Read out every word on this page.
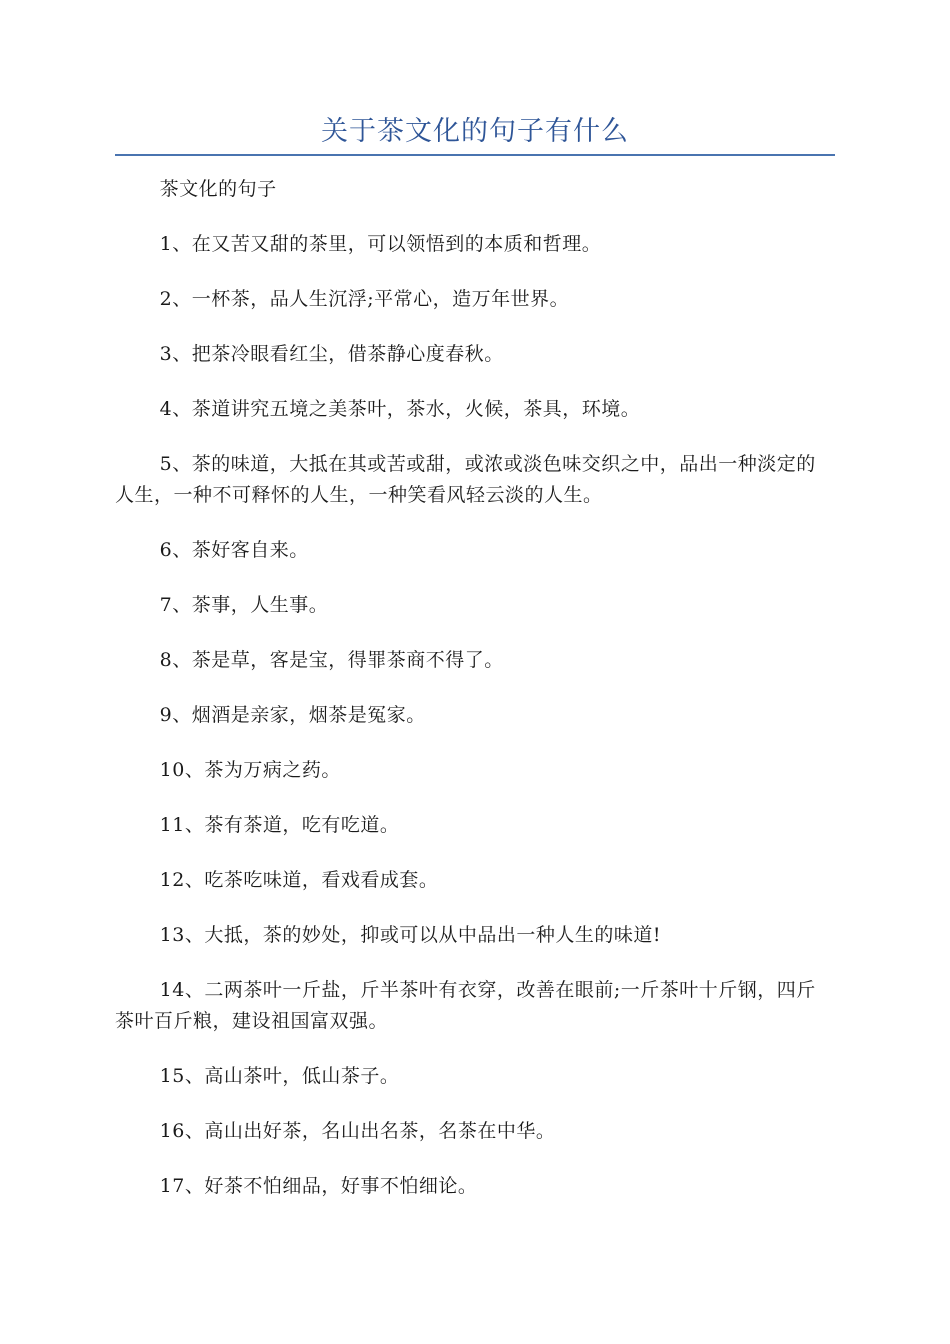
关于茶文化的句子有什么

茶文化的句子

1、在又苦又甜的茶里，可以领悟到的本质和哲理。

2、一杯茶，品人生沉浮;平常心，造万年世界。

3、把茶冷眼看红尘，借茶静心度春秋。

4、茶道讲究五境之美茶叶，茶水，火候，茶具，环境。

5、茶的味道，大抵在其或苦或甜，或浓或淡色味交织之中，品出一种淡定的人生，一种不可释怀的人生，一种笑看风轻云淡的人生。

6、茶好客自来。

7、茶事，人生事。

8、茶是草，客是宝，得罪茶商不得了。

9、烟酒是亲家，烟茶是冤家。

10、茶为万病之药。

11、茶有茶道，吃有吃道。

12、吃茶吃味道，看戏看成套。

13、大抵，茶的妙处，抑或可以从中品出一种人生的味道!

14、二两茶叶一斤盐，斤半茶叶有衣穿，改善在眼前;一斤茶叶十斤钢，四斤茶叶百斤粮，建设祖国富双强。

15、高山茶叶，低山茶子。

16、高山出好茶，名山出名茶，名茶在中华。

17、好茶不怕细品，好事不怕细论。
